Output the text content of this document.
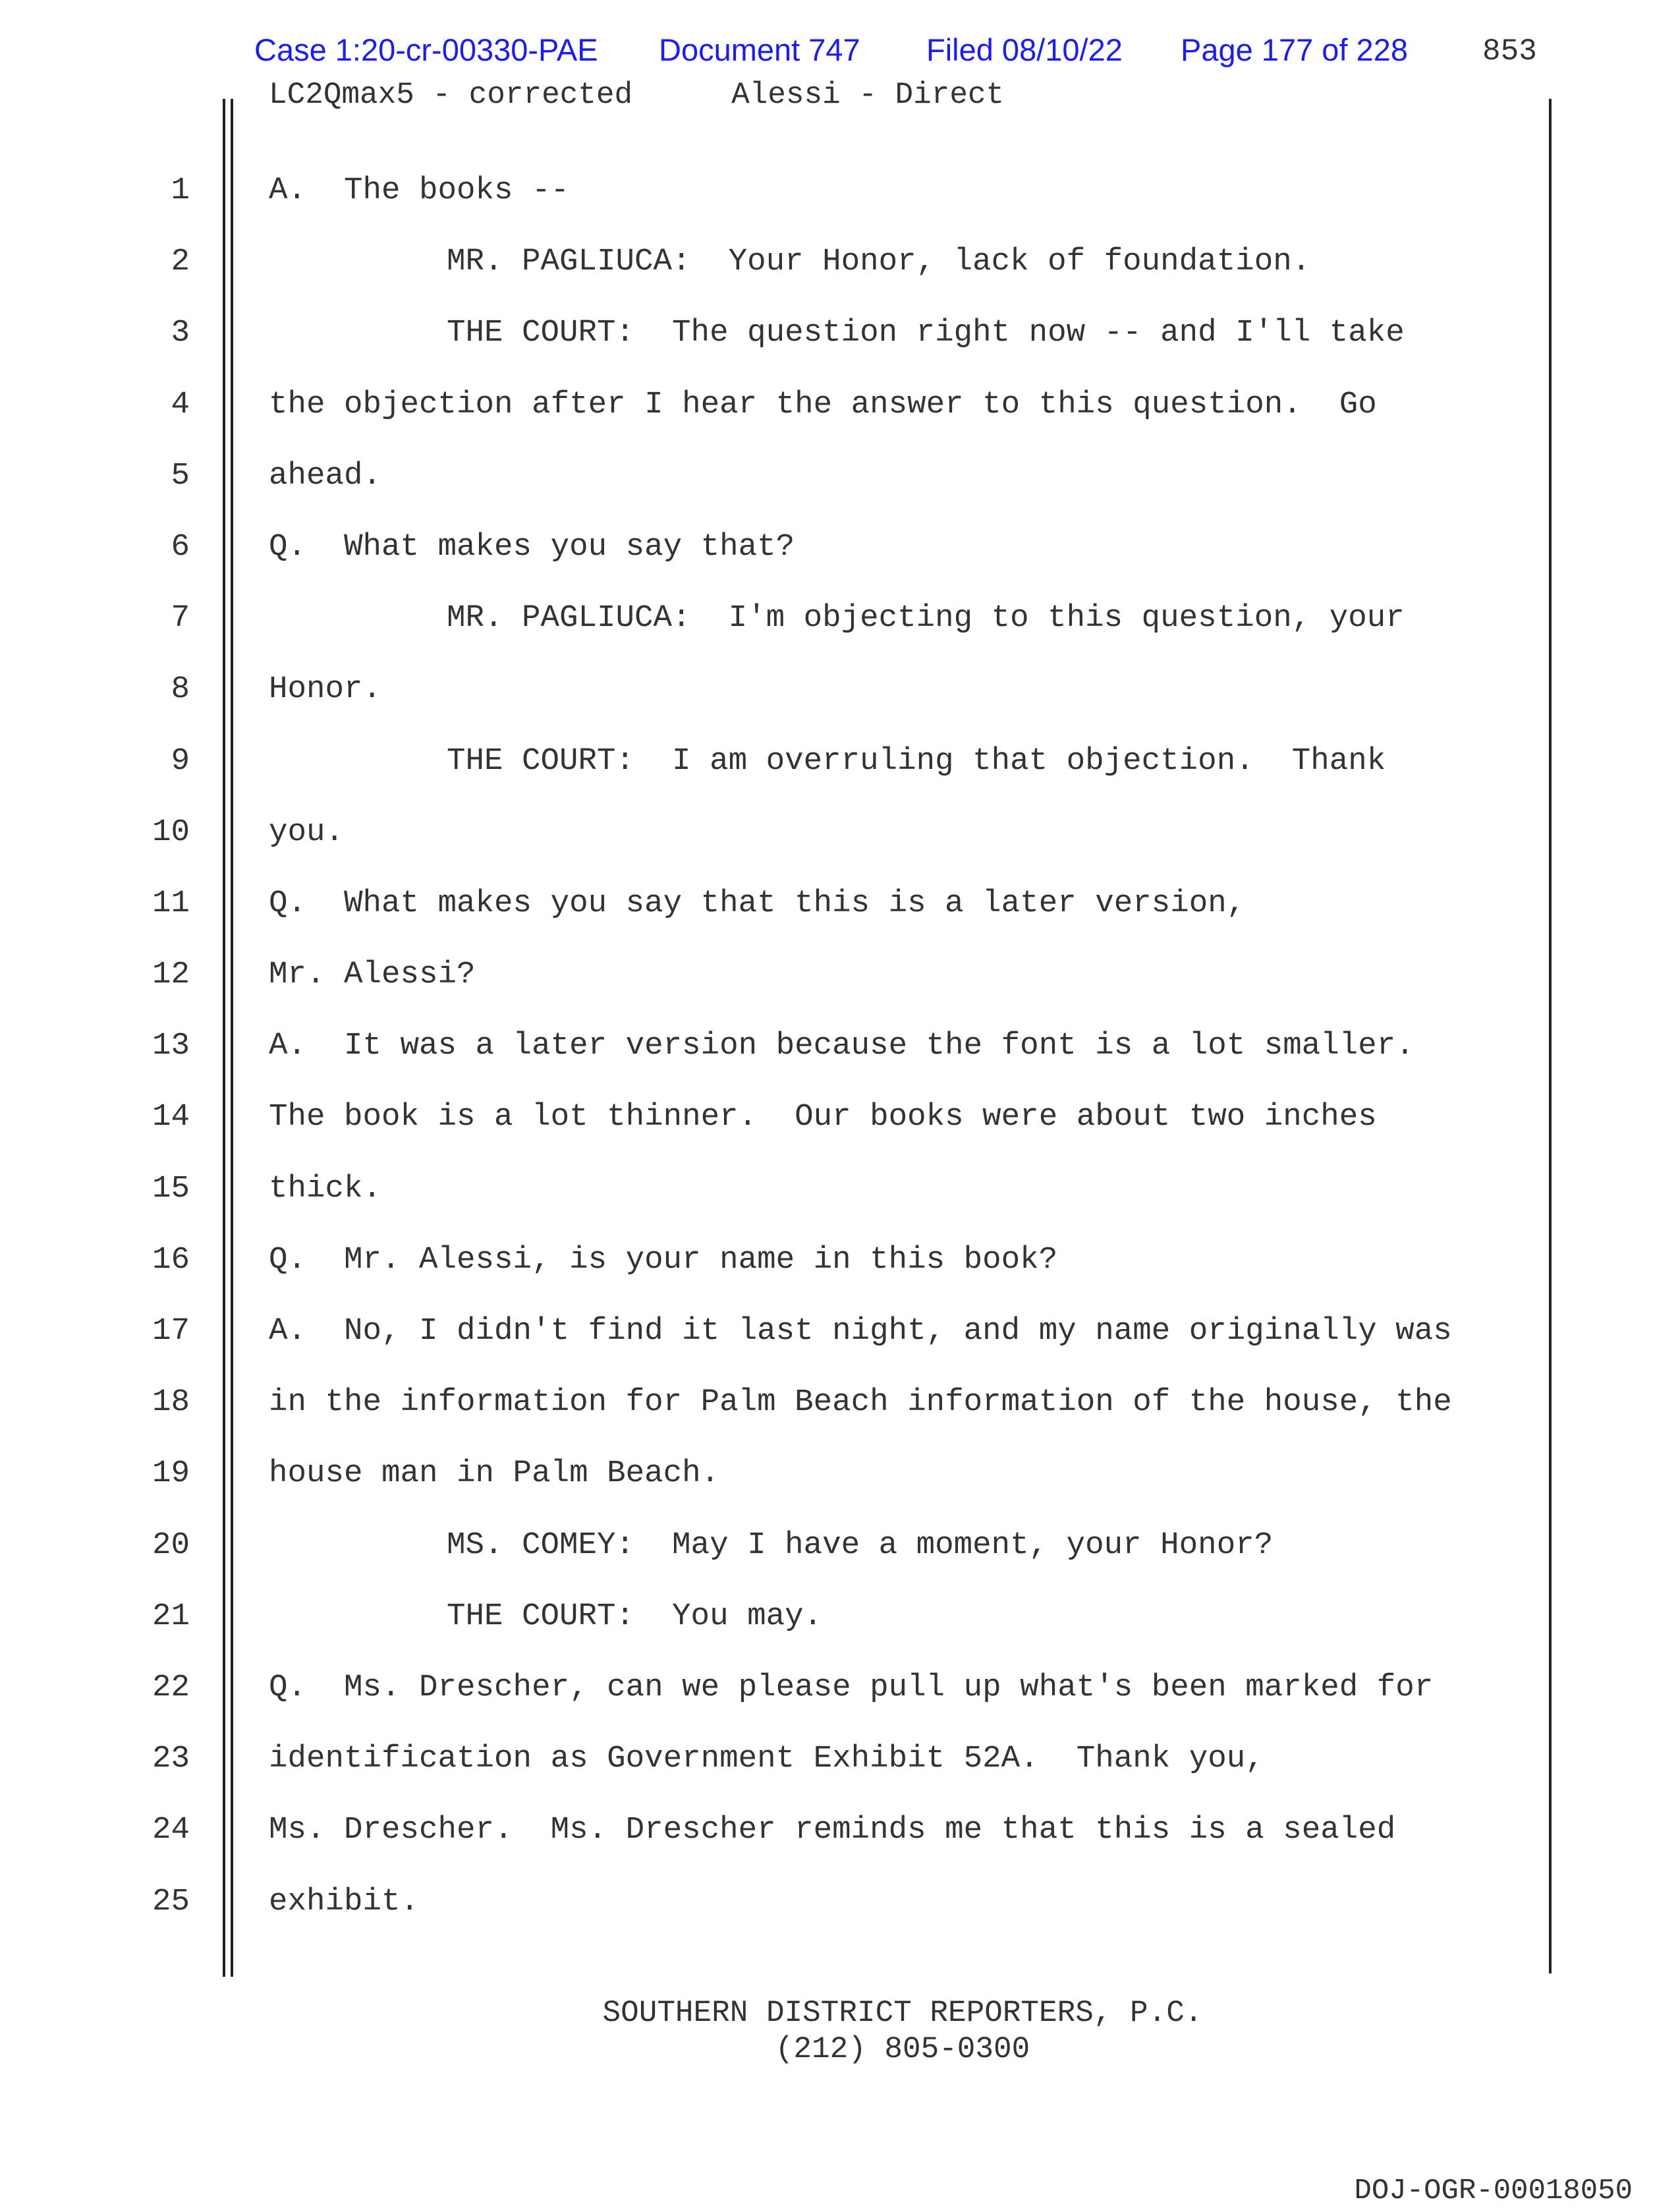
Case 1:20-cr-00330-PAE	Document 747	Filed 08/10/22	Page 177 of 228	853
LC2Qmax5 - corrected	Alessi - Direct
1	A.  The books --
2	MR. PAGLIUCA:  Your Honor, lack of foundation.
3	THE COURT:  The question right now -- and I'll take
4	the objection after I hear the answer to this question.  Go
5	ahead.
6	Q.  What makes you say that?
7	MR. PAGLIUCA:  I'm objecting to this question, your
8	Honor.
9	THE COURT:  I am overruling that objection.  Thank
10	you.
11	Q.  What makes you say that this is a later version,
12	Mr. Alessi?
13	A.  It was a later version because the font is a lot smaller.
14	The book is a lot thinner.  Our books were about two inches
15	thick.
16	Q.  Mr. Alessi, is your name in this book?
17	A.  No, I didn't find it last night, and my name originally was
18	in the information for Palm Beach information of the house, the
19	house man in Palm Beach.
20	MS. COMEY:  May I have a moment, your Honor?
21	THE COURT:  You may.
22	Q.  Ms. Drescher, can we please pull up what's been marked for
23	identification as Government Exhibit 52A.  Thank you,
24	Ms. Drescher.  Ms. Drescher reminds me that this is a sealed
25	exhibit.
SOUTHERN DISTRICT REPORTERS, P.C.
(212) 805-0300
DOJ-OGR-00018050
